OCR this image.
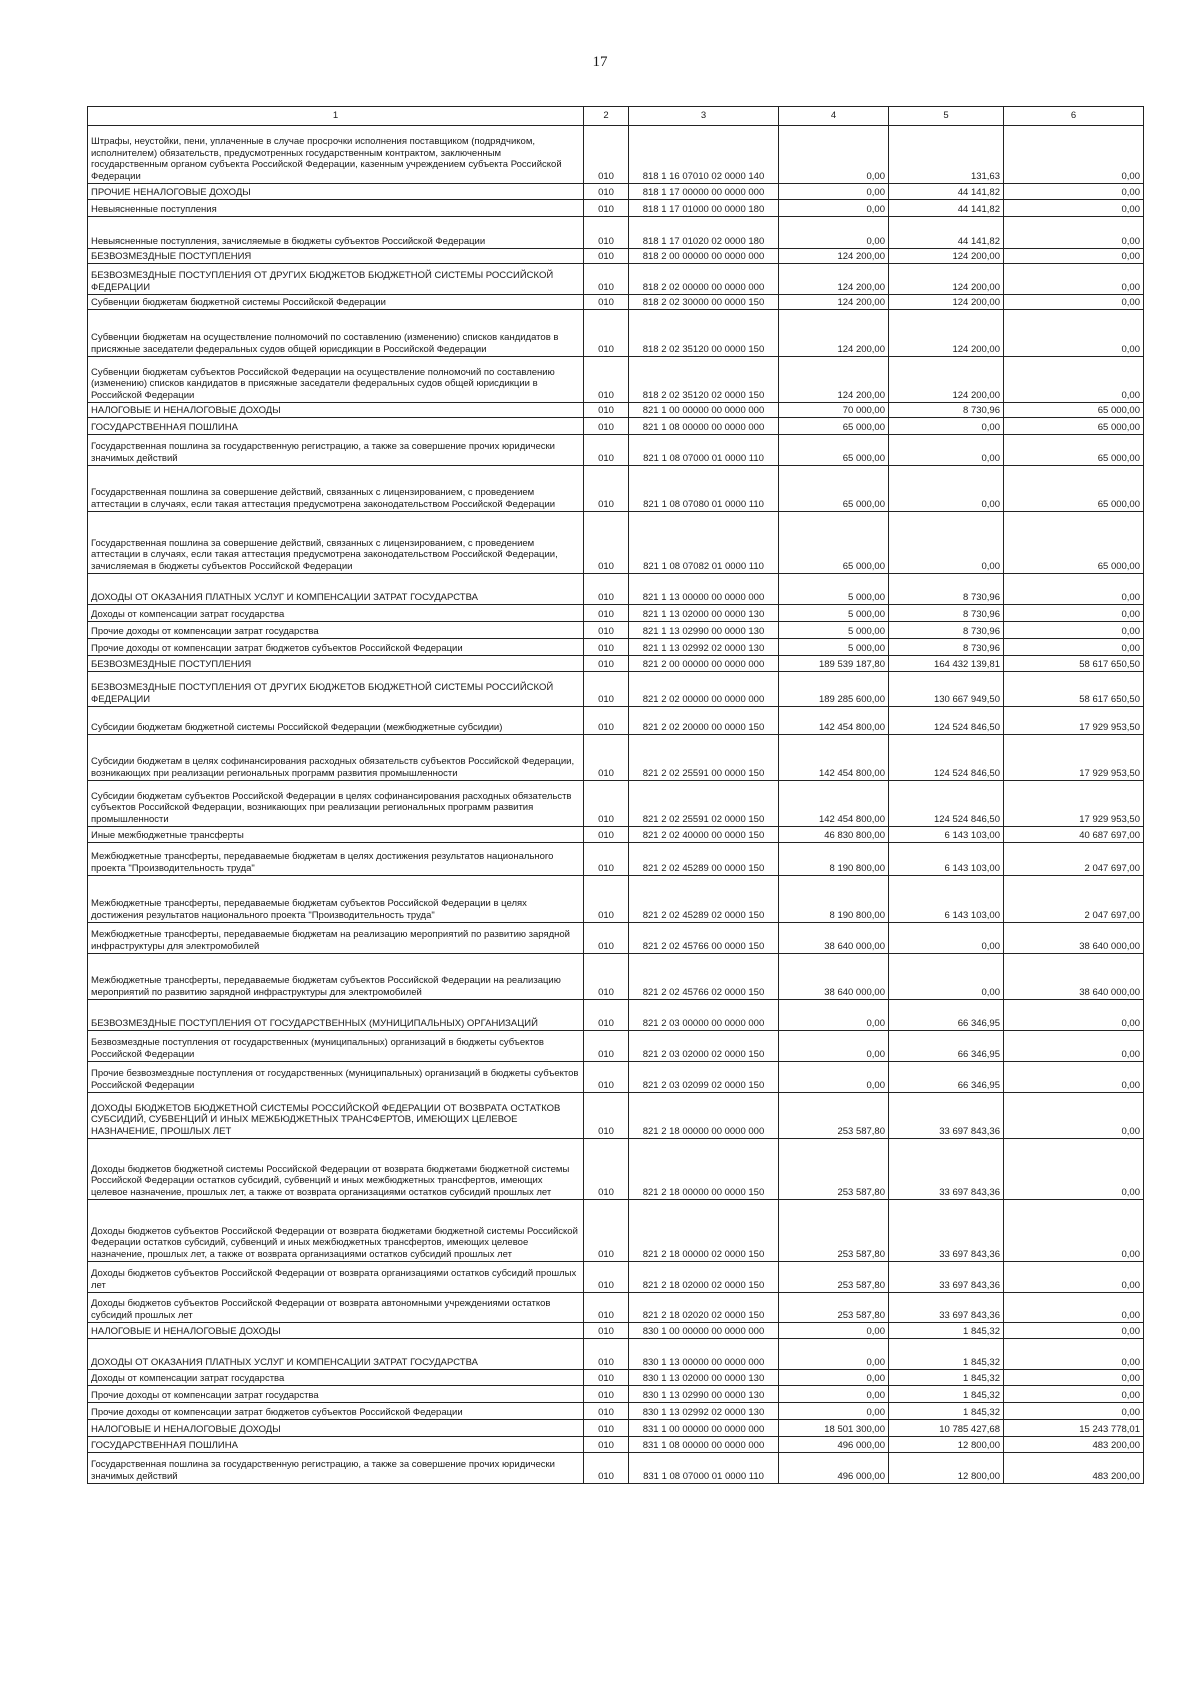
17
1	2	3	4	5	6
Штрафы, неустойки, пени, уплаченные в случае просрочки исполнения поставщиком (подрядчиком, исполнителем) обязательств, предусмотренных государственным контрактом, заключенным государственным органом субъекта Российской Федерации, казенным учреждением субъекта Российской Федерации	010	818 1 16 07010 02 0000 140	0,00	131,63	0,00
ПРОЧИЕ НЕНАЛОГОВЫЕ ДОХОДЫ	010	818 1 17 00000 00 0000 000	0,00	44 141,82	0,00
Невыясненные поступления	010	818 1 17 01000 00 0000 180	0,00	44 141,82	0,00
Невыясненные поступления, зачисляемые в бюджеты субъектов Российской Федерации	010	818 1 17 01020 02 0000 180	0,00	44 141,82	0,00
БЕЗВОЗМЕЗДНЫЕ ПОСТУПЛЕНИЯ	010	818 2 00 00000 00 0000 000	124 200,00	124 200,00	0,00
БЕЗВОЗМЕЗДНЫЕ ПОСТУПЛЕНИЯ ОТ ДРУГИХ БЮДЖЕТОВ БЮДЖЕТНОЙ СИСТЕМЫ РОССИЙСКОЙ ФЕДЕРАЦИИ	010	818 2 02 00000 00 0000 000	124 200,00	124 200,00	0,00
Субвенции бюджетам бюджетной системы Российской Федерации	010	818 2 02 30000 00 0000 150	124 200,00	124 200,00	0,00
Субвенции бюджетам на осуществление полномочий по составлению (изменению) списков кандидатов в присяжные заседатели федеральных судов общей юрисдикции в Российской Федерации	010	818 2 02 35120 00 0000 150	124 200,00	124 200,00	0,00
Субвенции бюджетам субъектов Российской Федерации на осуществление полномочий по составлению (изменению) списков кандидатов в присяжные заседатели федеральных судов общей юрисдикции в Российской Федерации	010	818 2 02 35120 02 0000 150	124 200,00	124 200,00	0,00
НАЛОГОВЫЕ И НЕНАЛОГОВЫЕ ДОХОДЫ	010	821 1 00 00000 00 0000 000	70 000,00	8 730,96	65 000,00
ГОСУДАРСТВЕННАЯ ПОШЛИНА	010	821 1 08 00000 00 0000 000	65 000,00	0,00	65 000,00
Государственная пошлина за государственную регистрацию, а также за совершение прочих юридически значимых действий	010	821 1 08 07000 01 0000 110	65 000,00	0,00	65 000,00
Государственная пошлина за совершение действий, связанных с лицензированием, с проведением аттестации в случаях, если такая аттестация предусмотрена законодательством Российской Федерации	010	821 1 08 07080 01 0000 110	65 000,00	0,00	65 000,00
Государственная пошлина за совершение действий, связанных с лицензированием, с проведением аттестации в случаях, если такая аттестация предусмотрена законодательством Российской Федерации, зачисляемая в бюджеты субъектов Российской Федерации	010	821 1 08 07082 01 0000 110	65 000,00	0,00	65 000,00
ДОХОДЫ ОТ ОКАЗАНИЯ ПЛАТНЫХ УСЛУГ И КОМПЕНСАЦИИ ЗАТРАТ ГОСУДАРСТВА	010	821 1 13 00000 00 0000 000	5 000,00	8 730,96	0,00
Доходы от компенсации затрат государства	010	821 1 13 02000 00 0000 130	5 000,00	8 730,96	0,00
Прочие доходы от компенсации затрат государства	010	821 1 13 02990 00 0000 130	5 000,00	8 730,96	0,00
Прочие доходы от компенсации затрат бюджетов субъектов Российской Федерации	010	821 1 13 02992 02 0000 130	5 000,00	8 730,96	0,00
БЕЗВОЗМЕЗДНЫЕ ПОСТУПЛЕНИЯ	010	821 2 00 00000 00 0000 000	189 539 187,80	164 432 139,81	58 617 650,50
БЕЗВОЗМЕЗДНЫЕ ПОСТУПЛЕНИЯ ОТ ДРУГИХ БЮДЖЕТОВ БЮДЖЕТНОЙ СИСТЕМЫ РОССИЙСКОЙ ФЕДЕРАЦИИ	010	821 2 02 00000 00 0000 000	189 285 600,00	130 667 949,50	58 617 650,50
Субсидии бюджетам бюджетной системы Российской Федерации (межбюджетные субсидии)	010	821 2 02 20000 00 0000 150	142 454 800,00	124 524 846,50	17 929 953,50
Субсидии бюджетам в целях софинансирования расходных обязательств субъектов Российской Федерации, возникающих при реализации региональных программ развития промышленности	010	821 2 02 25591 00 0000 150	142 454 800,00	124 524 846,50	17 929 953,50
Субсидии бюджетам субъектов Российской Федерации в целях софинансирования расходных обязательств субъектов Российской Федерации, возникающих при реализации региональных программ развития промышленности	010	821 2 02 25591 02 0000 150	142 454 800,00	124 524 846,50	17 929 953,50
Иные межбюджетные трансферты	010	821 2 02 40000 00 0000 150	46 830 800,00	6 143 103,00	40 687 697,00
Межбюджетные трансферты, передаваемые бюджетам в целях достижения результатов национального проекта "Производительность труда"	010	821 2 02 45289 00 0000 150	8 190 800,00	6 143 103,00	2 047 697,00
Межбюджетные трансферты, передаваемые бюджетам субъектов Российской Федерации в целях достижения результатов национального проекта "Производительность труда"	010	821 2 02 45289 02 0000 150	8 190 800,00	6 143 103,00	2 047 697,00
Межбюджетные трансферты, передаваемые бюджетам на реализацию мероприятий по развитию зарядной инфраструктуры для электромобилей	010	821 2 02 45766 00 0000 150	38 640 000,00	0,00	38 640 000,00
Межбюджетные трансферты, передаваемые бюджетам субъектов Российской Федерации на реализацию мероприятий по развитию зарядной инфраструктуры для электромобилей	010	821 2 02 45766 02 0000 150	38 640 000,00	0,00	38 640 000,00
БЕЗВОЗМЕЗДНЫЕ ПОСТУПЛЕНИЯ ОТ ГОСУДАРСТВЕННЫХ (МУНИЦИПАЛЬНЫХ) ОРГАНИЗАЦИЙ	010	821 2 03 00000 00 0000 000	0,00	66 346,95	0,00
Безвозмездные поступления от государственных (муниципальных) организаций в бюджеты субъектов Российской Федерации	010	821 2 03 02000 02 0000 150	0,00	66 346,95	0,00
Прочие безвозмездные поступления от государственных (муниципальных) организаций в бюджеты субъектов Российской Федерации	010	821 2 03 02099 02 0000 150	0,00	66 346,95	0,00
ДОХОДЫ БЮДЖЕТОВ БЮДЖЕТНОЙ СИСТЕМЫ РОССИЙСКОЙ ФЕДЕРАЦИИ ОТ ВОЗВРАТА ОСТАТКОВ СУБСИДИЙ, СУБВЕНЦИЙ И ИНЫХ МЕЖБЮДЖЕТНЫХ ТРАНСФЕРТОВ, ИМЕЮЩИХ ЦЕЛЕВОЕ НАЗНАЧЕНИЕ, ПРОШЛЫХ ЛЕТ	010	821 2 18 00000 00 0000 000	253 587,80	33 697 843,36	0,00
Доходы бюджетов бюджетной системы Российской Федерации от возврата бюджетами бюджетной системы Российской Федерации остатков субсидий, субвенций и иных межбюджетных трансфертов, имеющих целевое назначение, прошлых лет, а также от возврата организациями остатков субсидий прошлых лет	010	821 2 18 00000 00 0000 150	253 587,80	33 697 843,36	0,00
Доходы бюджетов субъектов Российской Федерации от возврата бюджетами бюджетной системы Российской Федерации остатков субсидий, субвенций и иных межбюджетных трансфертов, имеющих целевое назначение, прошлых лет, а также от возврата организациями остатков субсидий прошлых лет	010	821 2 18 00000 02 0000 150	253 587,80	33 697 843,36	0,00
Доходы бюджетов субъектов Российской Федерации от возврата организациями остатков субсидий прошлых лет	010	821 2 18 02000 02 0000 150	253 587,80	33 697 843,36	0,00
Доходы бюджетов субъектов Российской Федерации от возврата автономными учреждениями остатков субсидий прошлых лет	010	821 2 18 02020 02 0000 150	253 587,80	33 697 843,36	0,00
НАЛОГОВЫЕ И НЕНАЛОГОВЫЕ ДОХОДЫ	010	830 1 00 00000 00 0000 000	0,00	1 845,32	0,00
ДОХОДЫ ОТ ОКАЗАНИЯ ПЛАТНЫХ УСЛУГ И КОМПЕНСАЦИИ ЗАТРАТ ГОСУДАРСТВА	010	830 1 13 00000 00 0000 000	0,00	1 845,32	0,00
Доходы от компенсации затрат государства	010	830 1 13 02000 00 0000 130	0,00	1 845,32	0,00
Прочие доходы от компенсации затрат государства	010	830 1 13 02990 00 0000 130	0,00	1 845,32	0,00
Прочие доходы от компенсации затрат бюджетов субъектов Российской Федерации	010	830 1 13 02992 02 0000 130	0,00	1 845,32	0,00
НАЛОГОВЫЕ И НЕНАЛОГОВЫЕ ДОХОДЫ	010	831 1 00 00000 00 0000 000	18 501 300,00	10 785 427,68	15 243 778,01
ГОСУДАРСТВЕННАЯ ПОШЛИНА	010	831 1 08 00000 00 0000 000	496 000,00	12 800,00	483 200,00
Государственная пошлина за государственную регистрацию, а также за совершение прочих юридически значимых действий	010	831 1 08 07000 01 0000 110	496 000,00	12 800,00	483 200,00
